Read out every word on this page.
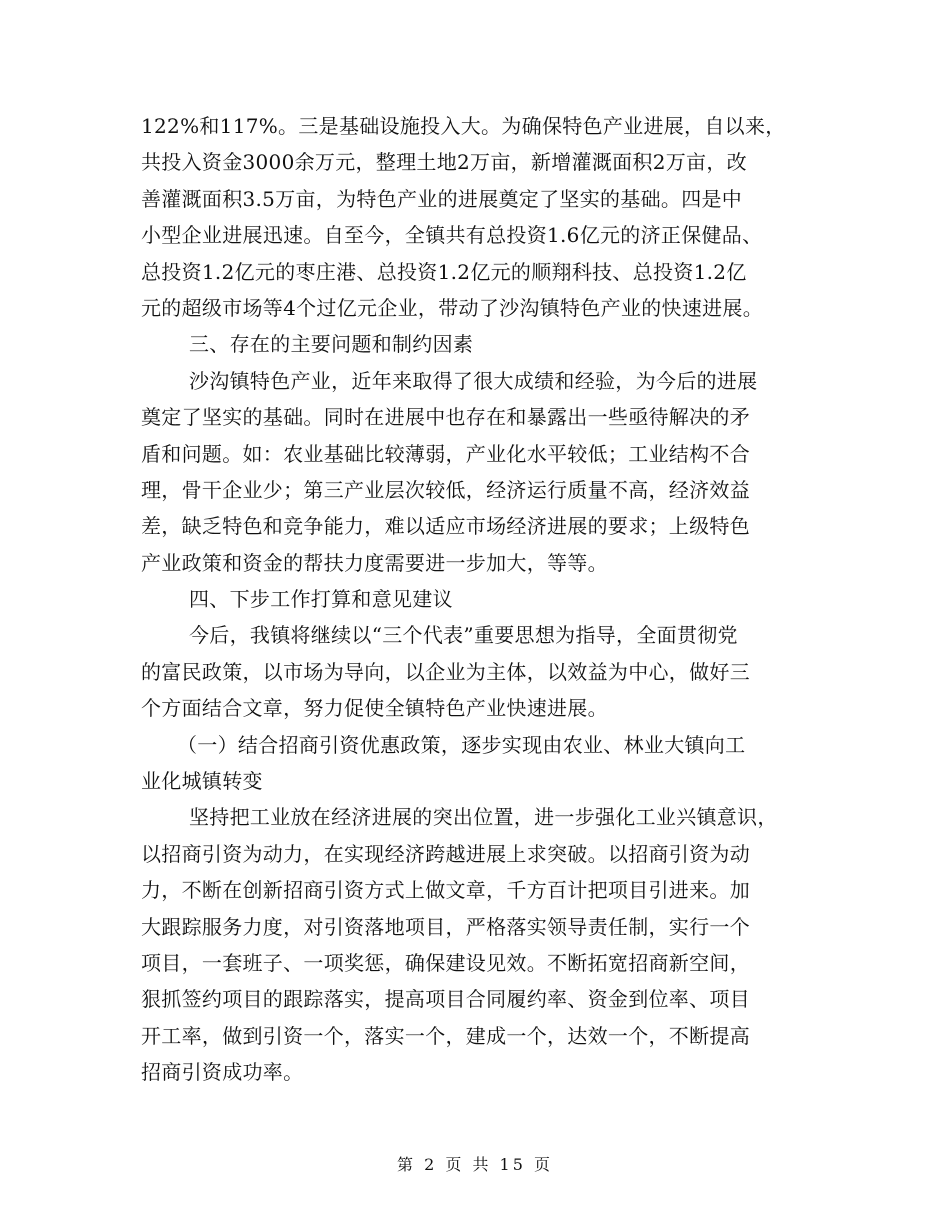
122%和117%。三是基础设施投入大。为确保特色产业进展，自以来，
共投入资金3000余万元，整理土地2万亩，新增灌溉面积2万亩，改
善灌溉面积3.5万亩，为特色产业的进展奠定了坚实的基础。四是中
小型企业进展迅速。自至今，全镇共有总投资1.6亿元的济正保健品、
总投资1.2亿元的枣庄港、总投资1.2亿元的顺翔科技、总投资1.2亿
元的超级市场等4个过亿元企业，带动了沙沟镇特色产业的快速进展。
三、存在的主要问题和制约因素
沙沟镇特色产业，近年来取得了很大成绩和经验，为今后的进展
奠定了坚实的基础。同时在进展中也存在和暴露出一些亟待解决的矛
盾和问题。如：农业基础比较薄弱，产业化水平较低；工业结构不合
理，骨干企业少；第三产业层次较低，经济运行质量不高，经济效益
差，缺乏特色和竞争能力，难以适应市场经济进展的要求；上级特色
产业政策和资金的帮扶力度需要进一步加大，等等。
四、下步工作打算和意见建议
今后，我镇将继续以“三个代表”重要思想为指导，全面贯彻党
的富民政策，以市场为导向，以企业为主体，以效益为中心，做好三
个方面结合文章，努力促使全镇特色产业快速进展。
（一）结合招商引资优惠政策，逐步实现由农业、林业大镇向工
业化城镇转变
坚持把工业放在经济进展的突出位置，进一步强化工业兴镇意识，
以招商引资为动力，在实现经济跨越进展上求突破。以招商引资为动
力，不断在创新招商引资方式上做文章，千方百计把项目引进来。加
大跟踪服务力度，对引资落地项目，严格落实领导责任制，实行一个
项目，一套班子、一项奖惩，确保建设见效。不断拓宽招商新空间，
狠抓签约项目的跟踪落实，提高项目合同履约率、资金到位率、项目
开工率，做到引资一个，落实一个，建成一个，达效一个，不断提高
招商引资成功率。
第 2 页 共 15 页
